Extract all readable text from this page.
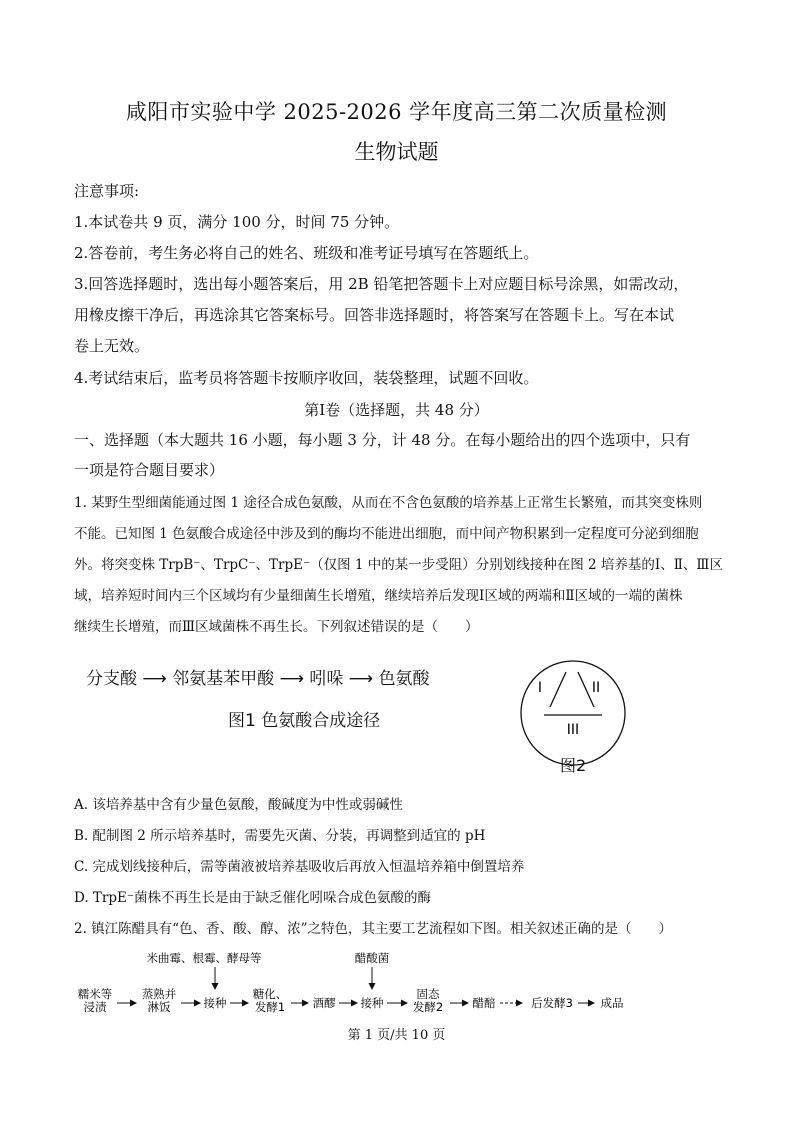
咸阳市实验中学 2025-2026 学年度高三第二次质量检测
生物试题
注意事项:
1.本试卷共 9 页，满分 100 分，时间 75 分钟。
2.答卷前，考生务必将自己的姓名、班级和准考证号填写在答题纸上。
3.回答选择题时，选出每小题答案后，用 2B 铅笔把答题卡上对应题目标号涂黑，如需改动，
用橡皮擦干净后，再选涂其它答案标号。回答非选择题时，将答案写在答题卡上。写在本试
卷上无效。
4.考试结束后，监考员将答题卡按顺序收回，装袋整理，试题不回收。
第Ⅰ卷（选择题，共 48 分）
一、选择题（本大题共 16 小题，每小题 3 分，计 48 分。在每小题给出的四个选项中，只有
一项是符合题目要求）
1. 某野生型细菌能通过图 1 途径合成色氨酸，从而在不含色氨酸的培养基上正常生长繁殖，而其突变株则
不能。已知图 1 色氨酸合成途径中涉及到的酶均不能进出细胞，而中间产物积累到一定程度可分泌到细胞
外。将突变株 TrpB⁻、TrpC⁻、TrpE⁻（仅图 1 中的某一步受阻）分别划线接种在图 2 培养基的Ⅰ、Ⅱ、Ⅲ区
域，培养短时间内三个区域均有少量细菌生长增殖，继续培养后发现Ⅰ区域的两端和Ⅱ区域的一端的菌株
继续生长增殖，而Ⅲ区域菌株不再生长。下列叙述错误的是（　　）
分支酸 ⟶ 邻氨基苯甲酸 ⟶ 吲哚 ⟶ 色氨酸
图1 色氨酸合成途径
I	II
III
图2
A. 该培养基中含有少量色氨酸，酸碱度为中性或弱碱性
B. 配制图 2 所示培养基时，需要先灭菌、分装，再调整到适宜的 pH
C. 完成划线接种后，需等菌液被培养基吸收后再放入恒温培养箱中倒置培养
D. TrpE⁻菌株不再生长是由于缺乏催化吲哚合成色氨酸的酶
2. 镇江陈醋具有“色、香、酸、醇、浓”之特色，其主要工艺流程如下图。相关叙述正确的是（　　）
米曲霉、根霉、酵母等	醋酸菌
糯米等
浸渍
蒸熟并
淋饭	接种
糖化、
发酵1 酒醪 接种
固态
发酵2	醋醅	后发酵3 成品
第 1 页/共 10 页
